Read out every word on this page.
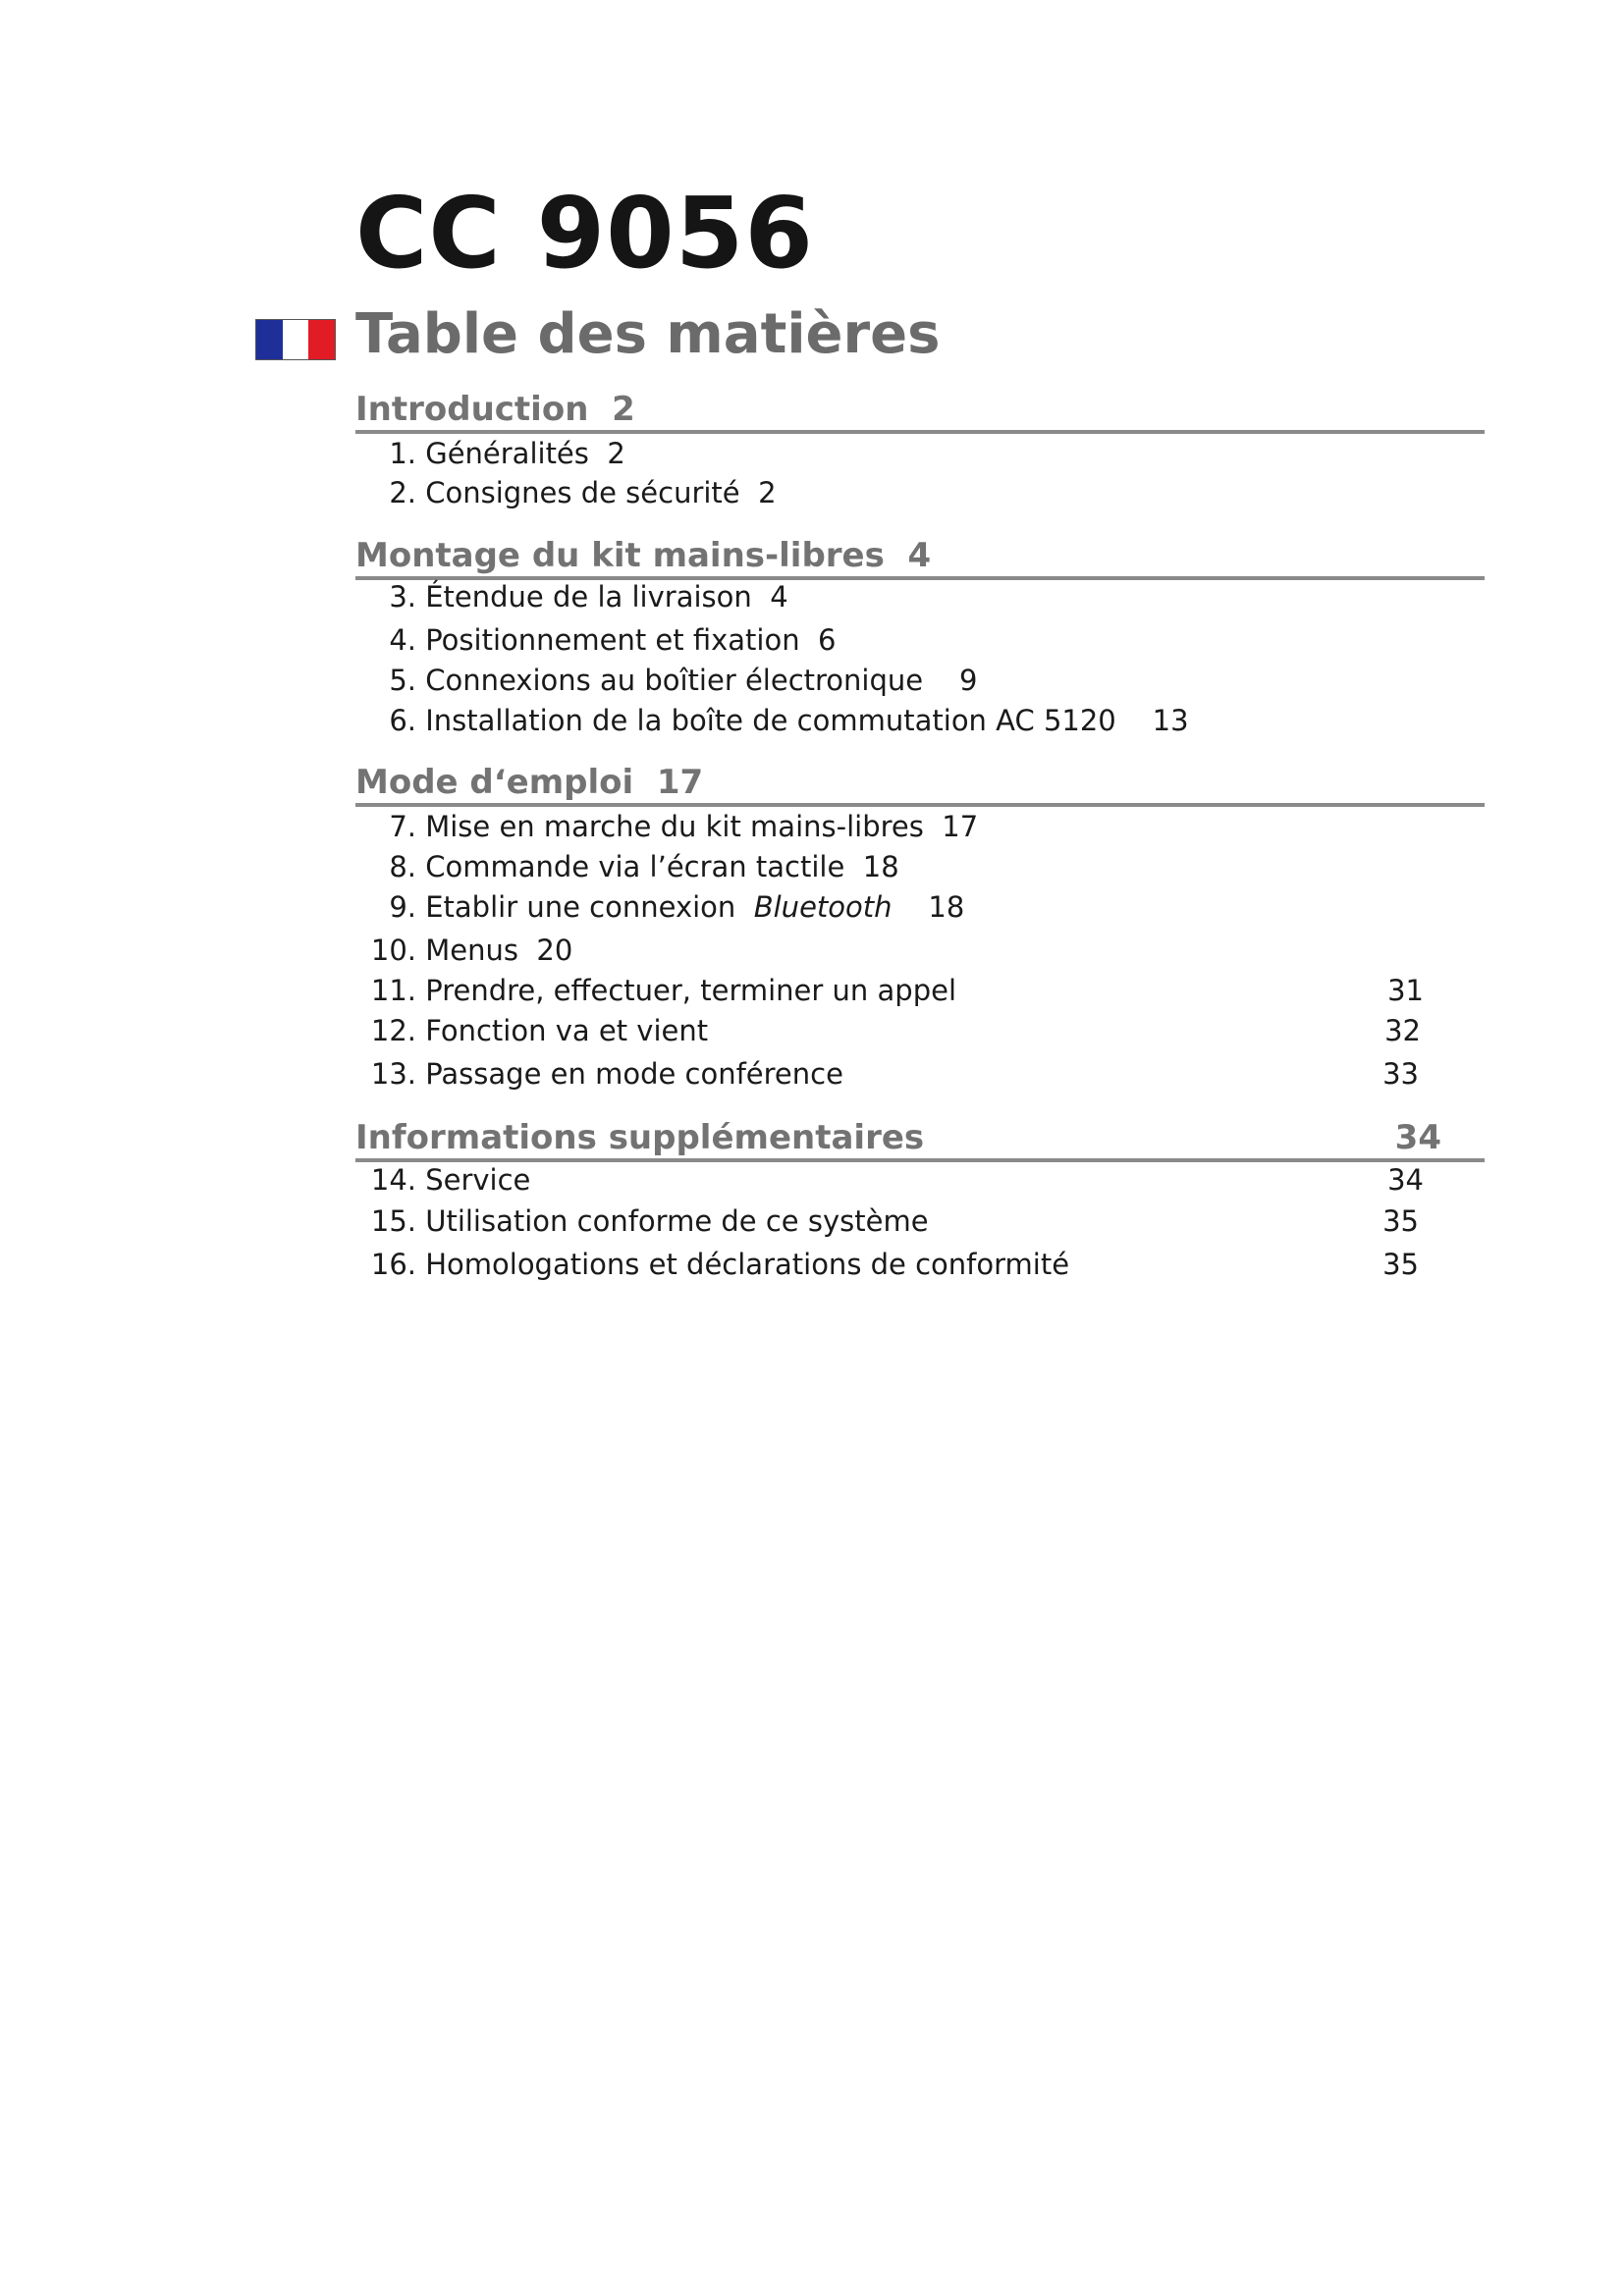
CC 9056
Table des matières
Introduction 2
1. Généralités 2
2. Consignes de sécurité 2
Montage du kit mains-libres 4
3. Étendue de la livraison 4
4. Positionnement et fixation 6
5. Connexions au boîtier électronique 9
6. Installation de la boîte de commutation AC 5120 13
Mode d‘emploi 17
7. Mise en marche du kit mains-libres 17
8. Commande via l’écran tactile 18
9. Etablir une connexion Bluetooth 18
10. Menus 20
11. Prendre, effectuer, terminer un appel	31
12. Fonction va et vient	32
13. Passage en mode conférence	33
Informations supplémentaires	34
14. Service	34
15. Utilisation conforme de ce système	35
16. Homologations et déclarations de conformité	35
